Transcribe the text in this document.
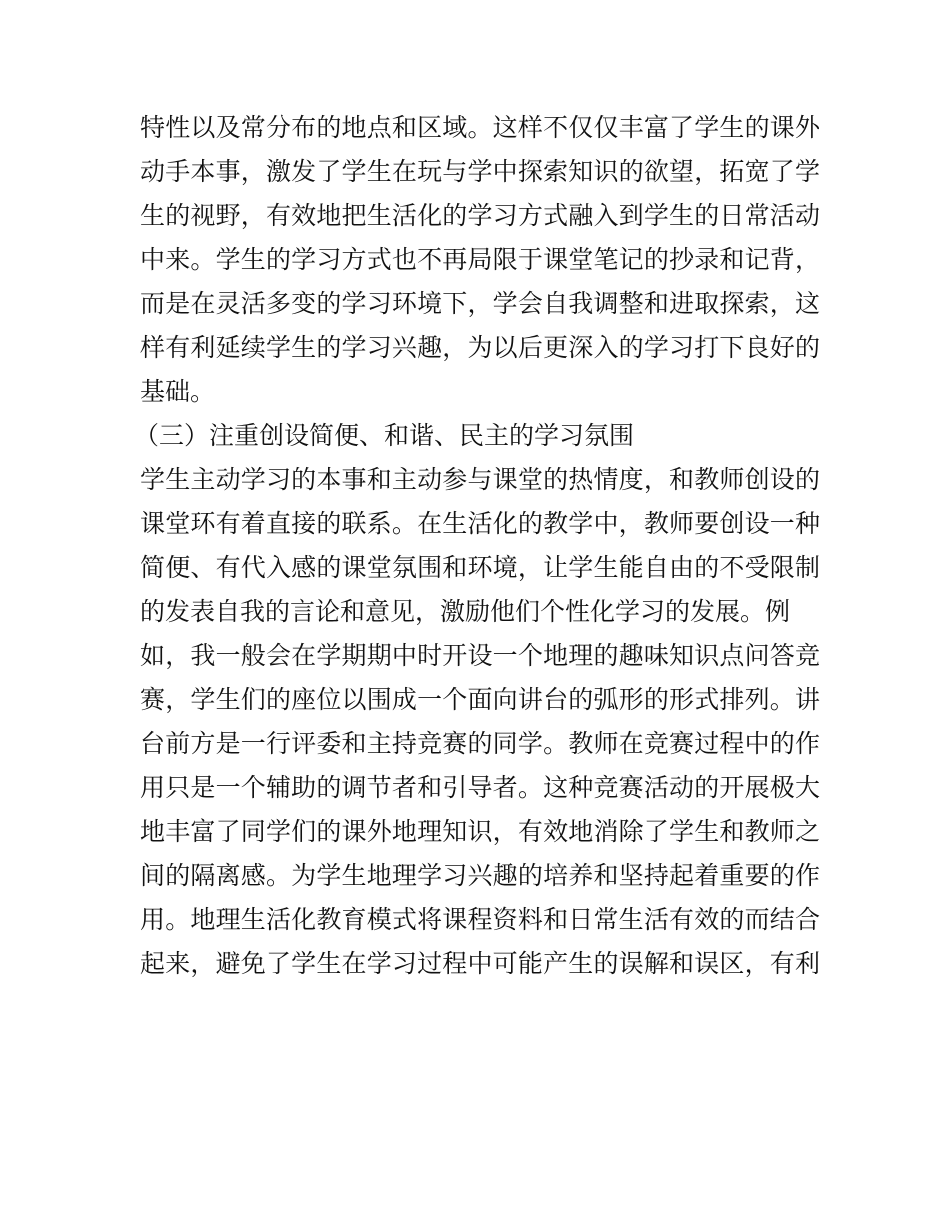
特性以及常分布的地点和区域。这样不仅仅丰富了学生的课外
动手本事，激发了学生在玩与学中探索知识的欲望，拓宽了学
生的视野，有效地把生活化的学习方式融入到学生的日常活动
中来。学生的学习方式也不再局限于课堂笔记的抄录和记背，
而是在灵活多变的学习环境下，学会自我调整和进取探索，这
样有利延续学生的学习兴趣，为以后更深入的学习打下良好的
基础。
（三）注重创设简便、和谐、民主的学习氛围
学生主动学习的本事和主动参与课堂的热情度，和教师创设的
课堂环有着直接的联系。在生活化的教学中，教师要创设一种
简便、有代入感的课堂氛围和环境，让学生能自由的不受限制
的发表自我的言论和意见，激励他们个性化学习的发展。例
如，我一般会在学期期中时开设一个地理的趣味知识点问答竞
赛，学生们的座位以围成一个面向讲台的弧形的形式排列。讲
台前方是一行评委和主持竞赛的同学。教师在竞赛过程中的作
用只是一个辅助的调节者和引导者。这种竞赛活动的开展极大
地丰富了同学们的课外地理知识，有效地消除了学生和教师之
间的隔离感。为学生地理学习兴趣的培养和坚持起着重要的作
用。地理生活化教育模式将课程资料和日常生活有效的而结合
起来，避免了学生在学习过程中可能产生的误解和误区，有利
